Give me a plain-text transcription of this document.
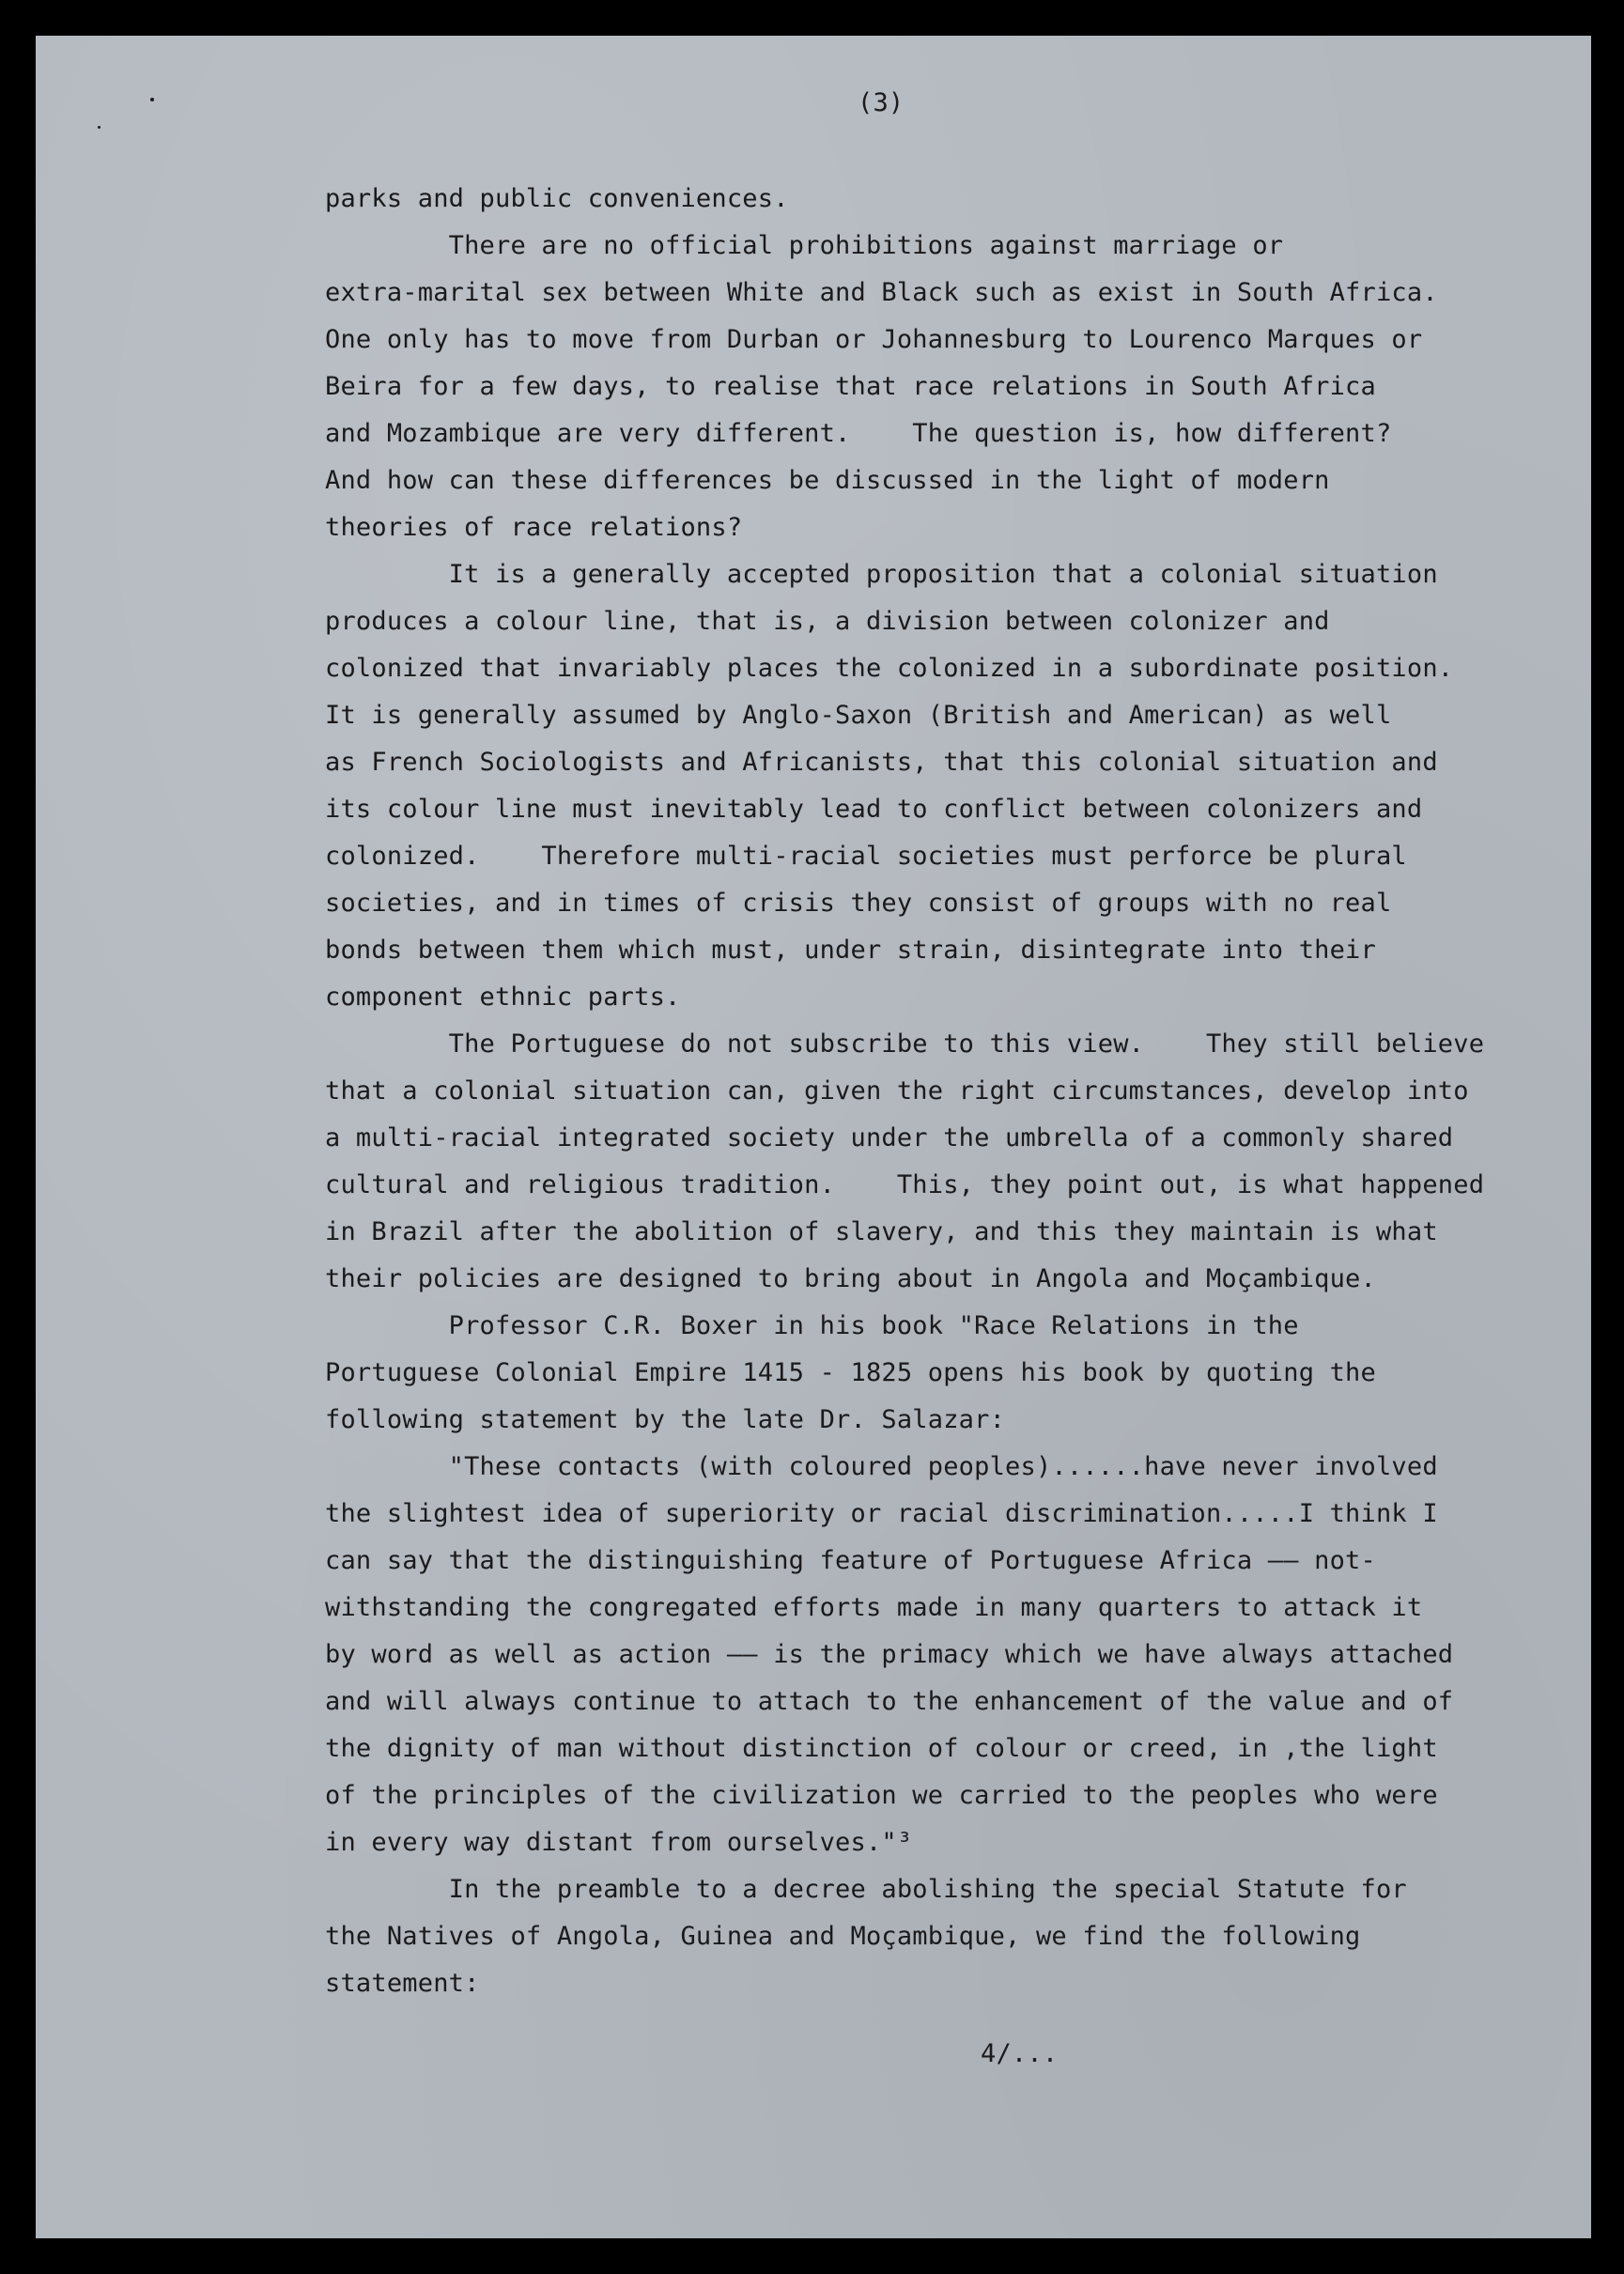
(3)
parks and public conveniences.
There are no official prohibitions against marriage or
extra-marital sex between White and Black such as exist in South Africa.
One only has to move from Durban or Johannesburg to Lourenco Marques or
Beira for a few days, to realise that race relations in South Africa
and Mozambique are very different.    The question is, how different?
And how can these differences be discussed in the light of modern
theories of race relations?
It is a generally accepted proposition that a colonial situation
produces a colour line, that is, a division between colonizer and
colonized that invariably places the colonized in a subordinate position.
It is generally assumed by Anglo-Saxon (British and American) as well
as French Sociologists and Africanists, that this colonial situation and
its colour line must inevitably lead to conflict between colonizers and
colonized.    Therefore multi-racial societies must perforce be plural
societies, and in times of crisis they consist of groups with no real
bonds between them which must, under strain, disintegrate into their
component ethnic parts.
The Portuguese do not subscribe to this view.    They still believe
that a colonial situation can, given the right circumstances, develop into
a multi-racial integrated society under the umbrella of a commonly shared
cultural and religious tradition.    This, they point out, is what happened
in Brazil after the abolition of slavery, and this they maintain is what
their policies are designed to bring about in Angola and Moçambique.
Professor C.R. Boxer in his book "Race Relations in the
Portuguese Colonial Empire 1415 - 1825 opens his book by quoting the
following statement by the late Dr. Salazar:
"These contacts (with coloured peoples)......have never involved
the slightest idea of superiority or racial discrimination.....I think I
can say that the distinguishing feature of Portuguese Africa —— not-
withstanding the congregated efforts made in many quarters to attack it
by word as well as action —— is the primacy which we have always attached
and will always continue to attach to the enhancement of the value and of
the dignity of man without distinction of colour or creed, in ,the light
of the principles of the civilization we carried to the peoples who were
in every way distant from ourselves."³
In the preamble to a decree abolishing the special Statute for
the Natives of Angola, Guinea and Moçambique, we find the following
statement:
4/...
